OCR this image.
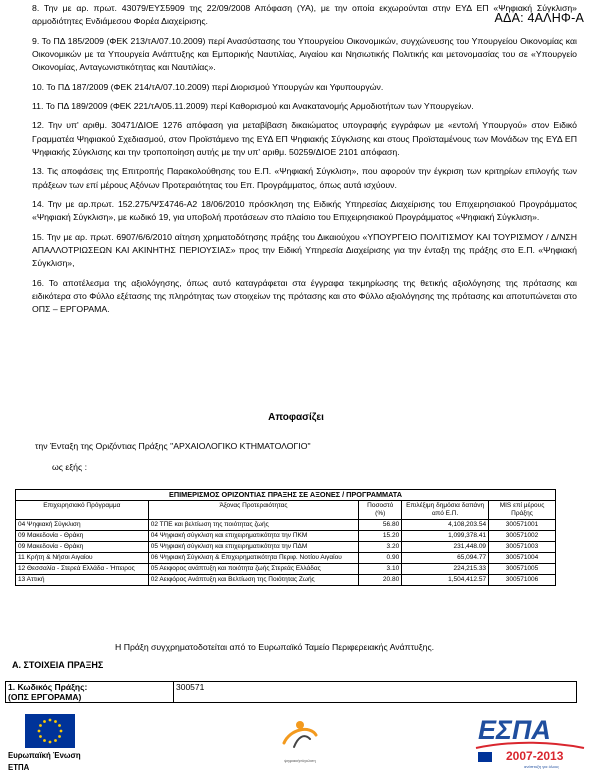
ΑΔΑ: 4ΑΛΗΦ-Α

8. Την με αρ. πρωτ. 43079/ΕΥΣ5909 της 22/09/2008 Απόφαση (ΥΑ), με την οποία εκχωρούνται στην ΕΥΔ ΕΠ «Ψηφιακή Σύγκλιση» αρμοδιότητες Ενδιάμεσου Φορέα Διαχείρισης.

9. Το ΠΔ 185/2009 (ΦΕΚ 213/τΑ/07.10.2009) περί Ανασύστασης του Υπουργείου Οικονομικών, συγχώνευσης του Υπουργείου Οικονομίας και Οικονομικών με τα Υπουργεία Ανάπτυξης και Εμπορικής Ναυτιλίας, Αιγαίου και Νησιωτικής Πολιτικής και μετονομασίας του σε «Υπουργείο Οικονομίας, Ανταγωνιστικότητας και Ναυτιλίας».

10. Το ΠΔ 187/2009 (ΦΕΚ 214/τΑ/07.10.2009) περί Διορισμού Υπουργών και Υφυπουργών.

11. Το ΠΔ 189/2009 (ΦΕΚ 221/τΑ/05.11.2009) περί Καθορισμού και Ανακατανομής Αρμοδιοτήτων των Υπουργείων.

12. Την υπ' αριθμ. 30471/ΔΙΟΕ 1276 απόφαση για μεταβίβαση δικαιώματος υπογραφής εγγράφων με «εντολή Υπουργού» στον Ειδικό Γραμματέα Ψηφιακού Σχεδιασμού, στον Προϊστάμενο της ΕΥΔ ΕΠ Ψηφιακής Σύγκλισης και στους Προϊσταμένους των Μονάδων της ΕΥΔ ΕΠ Ψηφιακής Σύγκλισης και την τροποποίηση αυτής με την υπ' αριθμ. 50259/ΔΙΟΕ 2101 απόφαση.

13. Τις αποφάσεις της Επιτροπής Παρακολούθησης του Ε.Π. «Ψηφιακή Σύγκλιση», που αφορούν την έγκριση των κριτηρίων επιλογής των πράξεων των επί μέρους Αξόνων Προτεραιότητας του Επ. Προγράμματος, όπως αυτά ισχύουν.

14. Την με αρ.πρωτ. 152.275/ΨΣ4746-Α2 18/06/2010 πρόσκληση της Ειδικής Υπηρεσίας Διαχείρισης του Επιχειρησιακού Προγράμματος «Ψηφιακή Σύγκλιση», με κωδικό 19, για υποβολή προτάσεων στο πλαίσιο του Επιχειρησιακού Προγράμματος «Ψηφιακή Σύγκλιση».

15. Την με αρ. πρωτ. 6907/6/6/2010 αίτηση χρηματοδότησης πράξης του Δικαιούχου «ΥΠΟΥΡΓΕΙΟ ΠΟΛΙΤΙΣΜΟΥ ΚΑΙ ΤΟΥΡΙΣΜΟΥ / Δ/ΝΣΗ ΑΠΑΛΛΟΤΡΙΩΣΕΩΝ ΚΑΙ ΑΚΙΝΗΤΗΣ ΠΕΡΙΟΥΣΙΑΣ» προς την Ειδική Υπηρεσία Διαχείρισης για την ένταξη της πράξης στο Ε.Π. «Ψηφιακή Σύγκλιση»,

16. Το αποτέλεσμα της αξιολόγησης, όπως αυτό καταγράφεται στα έγγραφα τεκμηρίωσης της θετικής αξιολόγησης της πρότασης και ειδικότερα στο Φύλλο εξέτασης της πληρότητας των στοιχείων της πρότασης και στο Φύλλο αξιολόγησης της πρότασης και αποτυπώνεται στο ΟΠΣ – ΕΡΓΟΡΑΜΑ.

Αποφασίζει
την Ένταξη της Οριζόντιας Πράξης "ΑΡΧΑΙΟΛΟΓΙΚΟ ΚΤΗΜΑΤΟΛΟΓΙΟ"
ως εξής :
ΕΠΙΜΕΡΙΣΜΟΣ ΟΡΙΖΟΝΤΙΑΣ ΠΡΑΞΗΣ ΣΕ ΑΞΟΝΕΣ / ΠΡΟΓΡΑΜΜΑΤΑ				
Επιχειρησιακό Πρόγραμμα	Άξονας Προτεραιότητας	Ποσοστό (%)	Επιλέξιμη δημόσια δαπάνη από Ε.Π.	MIS επί μέρους Πράξης
04 Ψηφιακή Σύγκλιση	02 ΤΠΕ και βελτίωση της ποιότητας ζωής	56.80	4,108,203.54	300571001
09 Μακεδονία - Θράκη	04 Ψηφιακή σύγκλιση και επιχειρηματικότητα την ΠΚΜ	15.20	1,099,378.41	300571002
09 Μακεδονία - Θράκη	05 Ψηφιακή σύγκλιση και επιχειρηματικότητα την ΠΔΜ	3.20	231,448.09	300571003
11 Κρήτη & Νήσοι Αιγαίου	06 Ψηφιακή Σύγκλιση & Επιχειρηματικότητα Περιφ. Νοτίου Αιγαίου	0.90	65,094.77	300571004
12 Θεσσαλία - Στερεά Ελλάδα - Ήπειρος	05 Αειφορος ανάπτυξη και ποιότητα ζωής Στερεάς Ελλάδας	3.10	224,215.33	300571005
13 Αττική	02 Αειφόρος Ανάπτυξη και Βελτίωση της Ποιότητας Ζωής	20.80	1,504,412.57	300571006
Η Πράξη συγχρηματοδοτείται από το Ευρωπαϊκό Ταμείο Περιφερειακής Ανάπτυξης.
Α. ΣΤΟΙΧΕΙΑ ΠΡΑΞΗΣ
1. Κωδικός Πράξης:
(ΟΠΣ ΕΡΓΟΡΑΜΑ)
	300571
Ευρωπαϊκή Ένωση
ΕΤΠΑ
ψηφιακήσύγκλιση
ΕΣΠΑ
2007-2013
ανάπτυξη για όλους
